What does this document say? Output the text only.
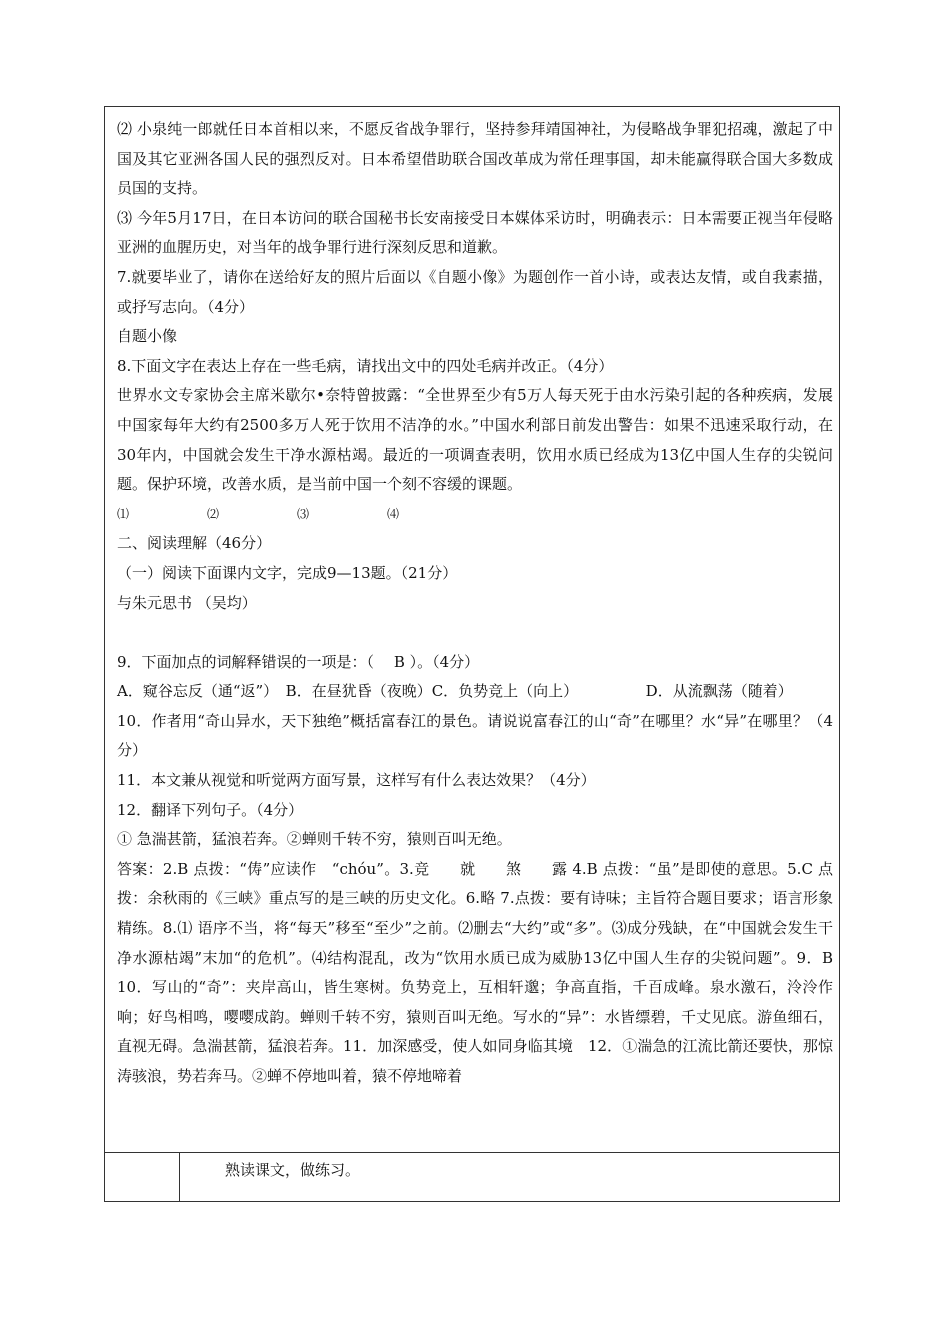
⑵ 小泉纯一郎就任日本首相以来，不愿反省战争罪行，坚持参拜靖国神社，为侵略战争罪犯招魂，激起了中国及其它亚洲各国人民的强烈反对。日本希望借助联合国改革成为常任理事国，却未能赢得联合国大多数成员国的支持。

⑶ 今年5月17日，在日本访问的联合国秘书长安南接受日本媒体采访时，明确表示：日本需要正视当年侵略亚洲的血腥历史，对当年的战争罪行进行深刻反思和道歉。

7.就要毕业了，请你在送给好友的照片后面以《自题小像》为题创作一首小诗，或表达友情，或自我素描，或抒写志向。（4分）

自题小像

8.下面文字在表达上存在一些毛病，请找出文中的四处毛病并改正。（4分）

世界水文专家协会主席米歇尔•奈特曾披露：“全世界至少有5万人每天死于由水污染引起的各种疾病，发展中国家每年大约有2500多万人死于饮用不洁净的水。”中国水利部日前发出警告：如果不迅速采取行动，在30年内，中国就会发生干净水源枯竭。最近的一项调查表明，饮用水质已经成为13亿中国人生存的尖锐问题。保护环境，改善水质，是当前中国一个刻不容缓的课题。

⑴	⑵	⑶	⑷

二、阅读理解（46分）

（一）阅读下面课内文字，完成9—13题。（21分）

与朱元思书 （吴均）

9．下面加点的词解释错误的一项是：（　 B ）。（4分）

A．窥谷忘反（通“返”）　B．在昼犹昏（夜晚）C．负势竞上（向上）　　　　　D．从流飘荡（随着）

10．作者用“奇山异水，天下独绝”概括富春江的景色。请说说富春江的山“奇”在哪里？水“异”在哪里？（4分）

11．本文兼从视觉和听觉两方面写景，这样写有什么表达效果？（4分）

12．翻译下列句子。（4分）

① 急湍甚箭，猛浪若奔。②蝉则千转不穷，猿则百叫无绝。

答案：2.B 点拨：“俦”应读作　“chóu”。3.竞　　就　　煞　　露 4.B 点拨：“虽”是即使的意思。5.C 点拨：余秋雨的《三峡》重点写的是三峡的历史文化。6.略 7.点拨：要有诗味；主旨符合题目要求；语言形象精练。8.⑴ 语序不当，将“每天”移至“至少”之前。⑵删去“大约”或“多”。⑶成分残缺，在“中国就会发生干净水源枯竭”末加“的危机”。⑷结构混乱，改为“饮用水质已成为威胁13亿中国人生存的尖锐问题”。9．B 10．写山的“奇”：夹岸高山，皆生寒树。负势竞上，互相轩邈；争高直指，千百成峰。泉水激石，泠泠作响；好鸟相鸣，嘤嘤成韵。蝉则千转不穷，猿则百叫无绝。写水的“异”：水皆缥碧，千丈见底。游鱼细石，直视无碍。急湍甚箭，猛浪若奔。11．加深感受，使人如同身临其境　12．①湍急的江流比箭还要快，那惊涛骇浪，势若奔马。②蝉不停地叫着，猿不停地啼着

熟读课文，做练习。
